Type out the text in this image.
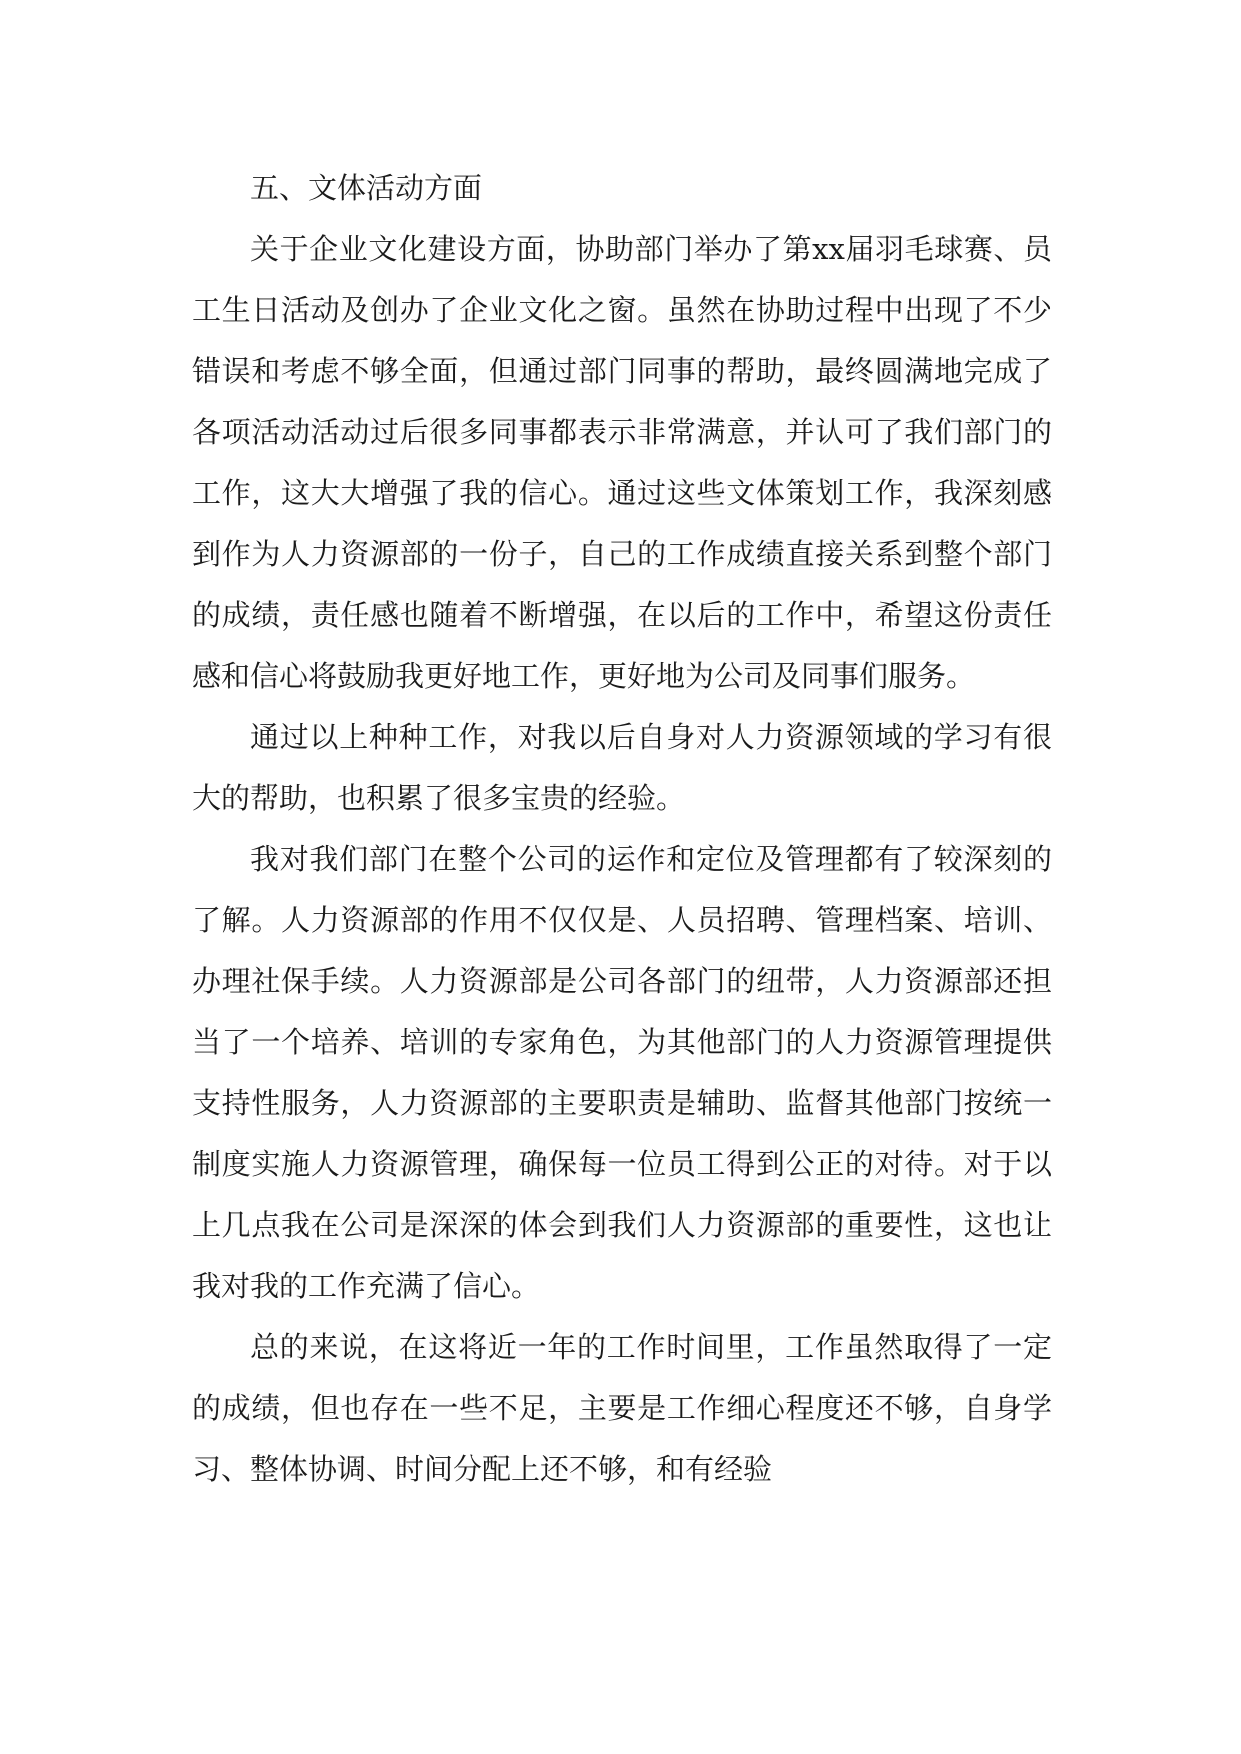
五、文体活动方面

关于企业文化建设方面，协助部门举办了第xx届羽毛球赛、员工生日活动及创办了企业文化之窗。虽然在协助过程中出现了不少错误和考虑不够全面，但通过部门同事的帮助，最终圆满地完成了各项活动活动过后很多同事都表示非常满意，并认可了我们部门的工作，这大大增强了我的信心。通过这些文体策划工作，我深刻感到作为人力资源部的一份子，自己的工作成绩直接关系到整个部门的成绩，责任感也随着不断增强，在以后的工作中，希望这份责任感和信心将鼓励我更好地工作，更好地为公司及同事们服务。

通过以上种种工作，对我以后自身对人力资源领域的学习有很大的帮助，也积累了很多宝贵的经验。

我对我们部门在整个公司的运作和定位及管理都有了较深刻的了解。人力资源部的作用不仅仅是、人员招聘、管理档案、培训、办理社保手续。人力资源部是公司各部门的纽带，人力资源部还担当了一个培养、培训的专家角色，为其他部门的人力资源管理提供支持性服务，人力资源部的主要职责是辅助、监督其他部门按统一制度实施人力资源管理，确保每一位员工得到公正的对待。对于以上几点我在公司是深深的体会到我们人力资源部的重要性，这也让我对我的工作充满了信心。

总的来说，在这将近一年的工作时间里，工作虽然取得了一定的成绩，但也存在一些不足，主要是工作细心程度还不够，自身学习、整体协调、时间分配上还不够，和有经验
